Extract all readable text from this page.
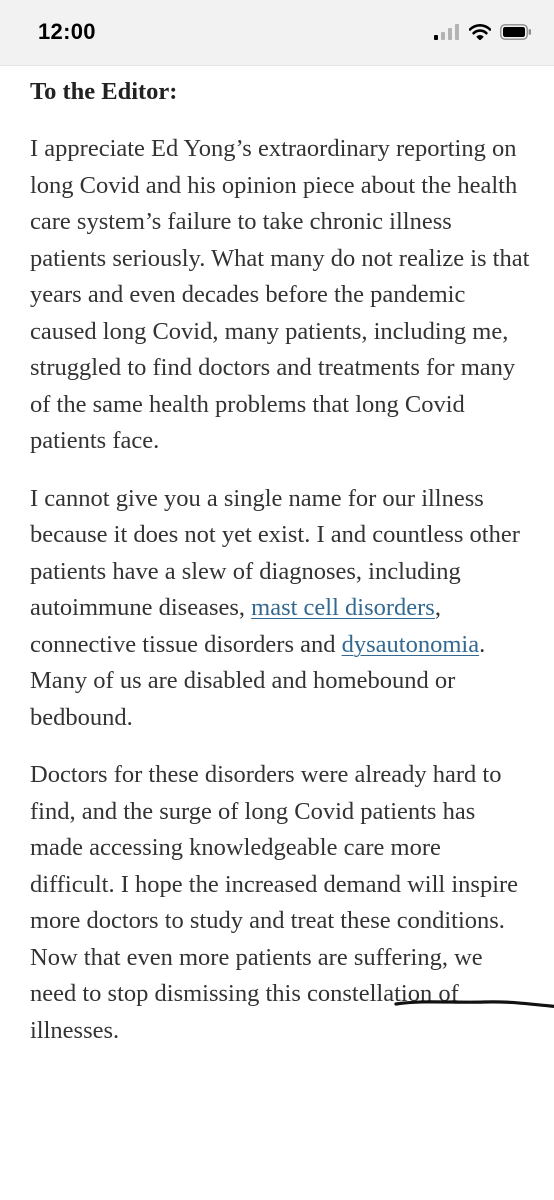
12:00

To the Editor:

I appreciate Ed Yong’s extraordinary reporting on long Covid and his opinion piece about the health care system’s failure to take chronic illness patients seriously. What many do not realize is that years and even decades before the pandemic caused long Covid, many patients, including me, struggled to find doctors and treatments for many of the same health problems that long Covid patients face.

I cannot give you a single name for our illness because it does not yet exist. I and countless other patients have a slew of diagnoses, including autoimmune diseases, mast cell disorders, connective tissue disorders and dysautonomia. Many of us are disabled and homebound or bedbound.

Doctors for these disorders were already hard to find, and the surge of long Covid patients has made accessing knowledgeable care more difficult. I hope the increased demand will inspire more doctors to study and treat these conditions. Now that even more patients are suffering, we need to stop dismissing this constellation of illnesses.
